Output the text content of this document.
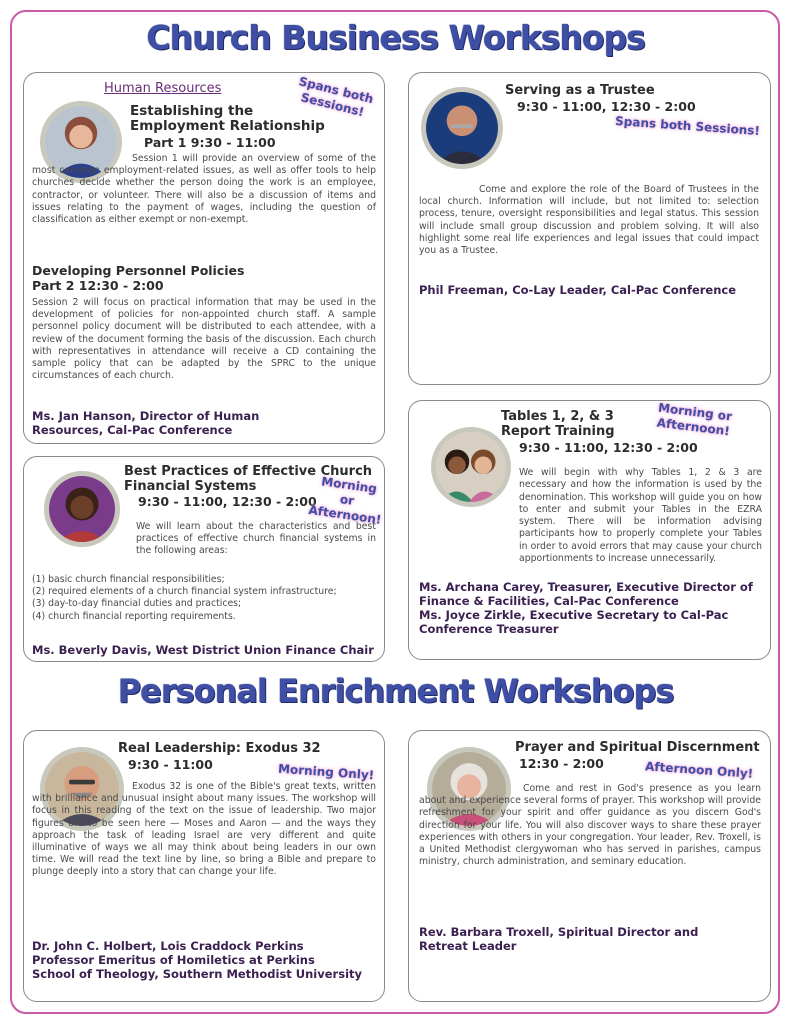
Church Business Workshops
Human Resources	Spans both
Sessions!
Establishing the
Employment Relationship
Part 1 9:30 - 11:00
Session 1 will provide an overview of some of the most common employment-related issues, as well as offer tools to help churches decide whether the person doing the work is an employee, contractor, or volunteer. There will also be a discussion of items and issues relating to the payment of wages, including the question of classification as either exempt or non-exempt.
Developing Personnel Policies
Part 2 12:30 - 2:00
Session 2 will focus on practical information that may be used in the development of policies for non-appointed church staff. A sample personnel policy document will be distributed to each attendee, with a review of the document forming the basis of the discussion. Each church with representatives in attendance will receive a CD containing the sample policy that can be adapted by the SPRC to the unique circumstances of each church.
Ms. Jan Hanson, Director of Human
Resources, Cal-Pac Conference
Serving as a Trustee
9:30 - 11:00, 12:30 - 2:00
Spans both Sessions!
Come and explore the role of the Board of Trustees in the local church. Information will include, but not limited to: selection process, tenure, oversight responsibilities and legal status. This session will include small group discussion and problem solving. It will also highlight some real life experiences and legal issues that could impact you as a Trustee.
Phil Freeman, Co-Lay Leader, Cal-Pac Conference
Best Practices of Effective Church
Financial Systems
9:30 - 11:00, 12:30 - 2:00
Morning or
Afternoon!
We will learn about the characteristics and best practices of effective church financial systems in the following areas:
(1) basic church financial responsibilities;
(2) required elements of a church financial system infrastructure;
(3) day-to-day financial duties and practices;
(4) church financial reporting requirements.
Ms. Beverly Davis, West District Union Finance Chair
Tables 1, 2, & 3
Report Training
9:30 - 11:00, 12:30 - 2:00
Morning or
Afternoon!
We will begin with why Tables 1, 2 & 3 are necessary and how the information is used by the denomination. This workshop will guide you on how to enter and submit your Tables in the EZRA system. There will be information advising participants how to properly complete your Tables in order to avoid errors that may cause your church apportionments to increase unnecessarily.
Ms. Archana Carey, Treasurer, Executive Director of
Finance & Facilities, Cal-Pac Conference
Ms. Joyce Zirkle, Executive Secretary to Cal-Pac
Conference Treasurer
Personal Enrichment Workshops
Real Leadership: Exodus 32
9:30 - 11:00	Morning Only!
Exodus 32 is one of the Bible's great texts, written with brilliance and unusual insight about many issues. The workshop will focus in this reading of the text on the issue of leadership. Two major figures are to be seen here — Moses and Aaron — and the ways they approach the task of leading Israel are very different and quite illuminative of ways we all may think about being leaders in our own time. We will read the text line by line, so bring a Bible and prepare to plunge deeply into a story that can change your life.
Dr. John C. Holbert, Lois Craddock Perkins
Professor Emeritus of Homiletics at Perkins
School of Theology, Southern Methodist University
Prayer and Spiritual Discernment
12:30 - 2:00	Afternoon Only!
Come and rest in God's presence as you learn about and experience several forms of prayer. This workshop will provide refreshment for your spirit and offer guidance as you discern God's direction for your life. You will also discover ways to share these prayer experiences with others in your congregation. Your leader, Rev. Troxell, is a United Methodist clergywoman who has served in parishes, campus ministry, church administration, and seminary education.
Rev. Barbara Troxell, Spiritual Director and
Retreat Leader
